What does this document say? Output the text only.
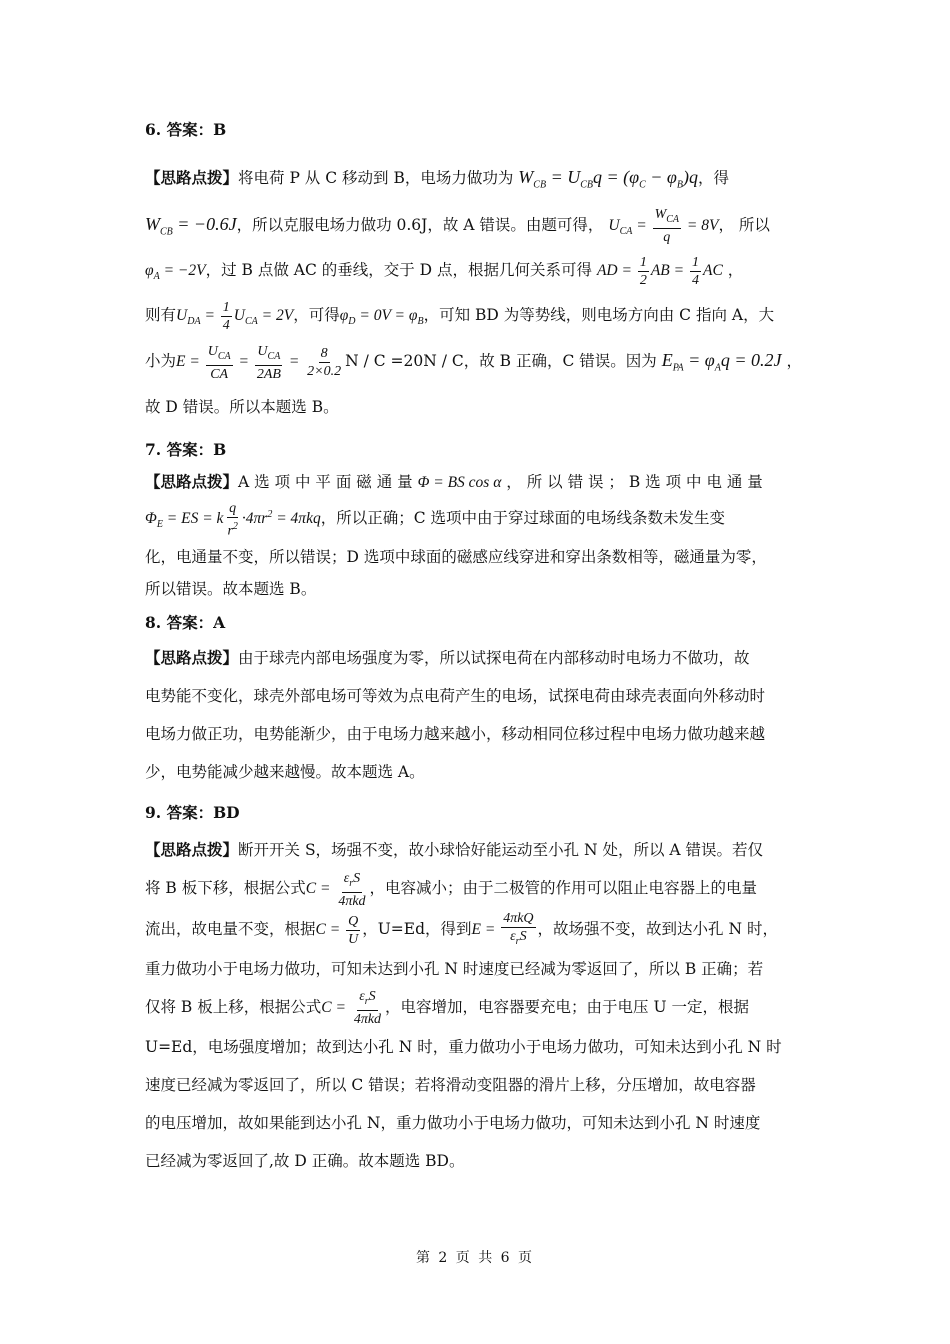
6. 答案：B

【思路点拨】将电荷 P 从 C 移动到 B，电场力做功为 $W_{CB} = U_{CB}q = (\varphi_C - \varphi_B)q$，得
$W_{CB} = -0.6J$，所以克服电场力做功 0.6J，故 A 错误。由题可得， $U_{CA} = \frac{W_{CA}}{q} = 8V$， 所以
$\varphi_A = -2V$，过 B 点做 AC 的垂线，交于 D 点，根据几何关系可得 AD = $\frac{1}{2}$ AB = $\frac{1}{4}$ AC ，
则有$U_{DA} = \frac{1}{4} U_{CA} = 2V$，可得$\varphi_D = 0V = \varphi_B$，可知 BD 为等势线，则电场方向由 C 指向 A，大
小为$E = \frac{U_{CA}}{CA} = \frac{U_{CA}}{2AB} = \frac{8}{2\times 0.2}$ N / C =20N / C，故 B 正确，C 错误。因为 $E_{PA} = \varphi_Aq = 0.2J$ ，
故 D 错误。所以本题选 B。

7. 答案：B

【思路点拨】A 选 项 中 平 面 磁 通 量 Φ = BS cos α ， 所 以 错 误 ； B 选 项 中 电 通 量
$\Phi_E$ = ES = k $\frac{q}{r^2} \cdot 4\pi r^2 = 4\pi kq$，所以正确；C 选项中由于穿过球面的电场线条数未发生变
化，电通量不变，所以错误；D 选项中球面的磁感应线穿进和穿出条数相等，磁通量为零，
所以错误。故本题选 B。

8. 答案：A

【思路点拨】由于球壳内部电场强度为零，所以试探电荷在内部移动时电场力不做功，故
电势能不变化，球壳外部电场可等效为点电荷产生的电场，试探电荷由球壳表面向外移动时
电场力做正功，电势能渐少，由于电场力越来越小，移动相同位移过程中电场力做功越来越
少，电势能减少越来越慢。故本题选 A。

9. 答案：BD

【思路点拨】断开开关 S，场强不变，故小球恰好能运动至小孔 N 处，所以 A 错误。若仅
将 B 板下移，根据公式$C = \frac{\varepsilon_rS}{\text{4πkd}}$ ，电容减小；由于二极管的作用可以阻止电容器上的电量
流出，故电量不变，根据$C = \frac{Q}{U}$ ，U=Ed，得到$E = \frac{\text{4πkQ}}{\varepsilon_rS}$ ，故场强不变，故到达小孔 N 时，
重力做功小于电场力做功，可知未达到小孔 N 时速度已经减为零返回了，所以 B 正确；若
仅将 B 板上移，根据公式$C = \frac{\varepsilon_rS}{\text{4πkd}}$ ，电容增加，电容器要充电；由于电压 U 一定，根据
U=Ed，电场强度增加；故到达小孔 N 时，重力做功小于电场力做功，可知未达到小孔 N 时
速度已经减为零返回了，所以 C 错误；若将滑动变阻器的滑片上移，分压增加，故电容器
的电压增加，故如果能到达小孔 N，重力做功小于电场力做功，可知未达到小孔 N 时速度
已经减为零返回了,故 D 正确。故本题选 BD。

第 2 页 共 6 页
